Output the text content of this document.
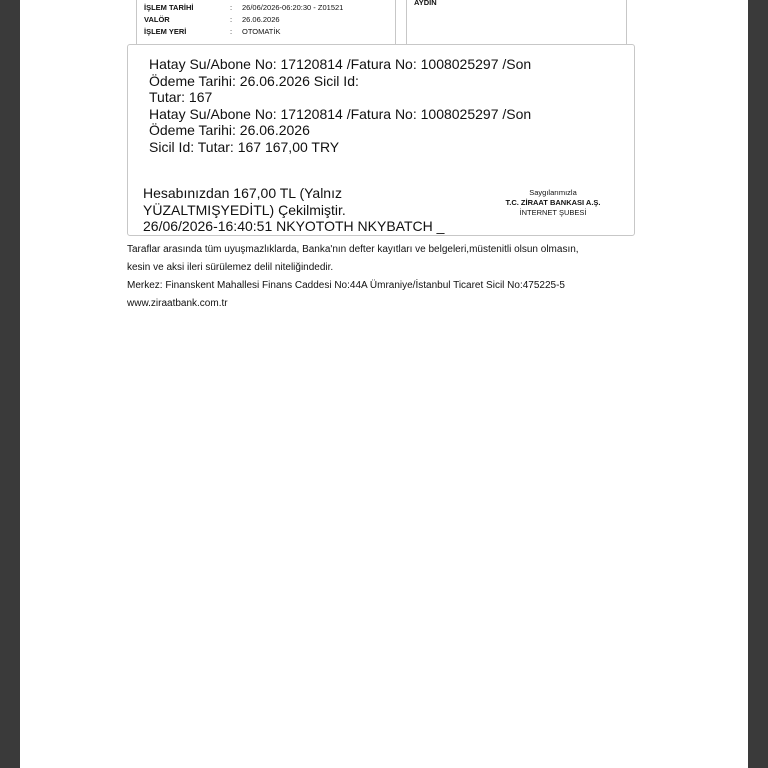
İŞLEM TARİHİ	: 26/06/2026-06:20:30 - Z01521
VALÖR	: 26.06.2026
İŞLEM YERİ	: OTOMATİK
AYDIN
Hatay Su/Abone No: 17120814 /Fatura No: 1008025297 /Son
Ödeme Tarihi: 26.06.2026 Sicil Id:
Tutar: 167
Hatay Su/Abone No: 17120814 /Fatura No: 1008025297 /Son
Ödeme Tarihi: 26.06.2026
Sicil Id: Tutar: 167 167,00 TRY
Hesabınızdan 167,00 TL (Yalnız
YÜZALTMIŞYEDİTL) Çekilmiştir.
26/06/2026-16:40:51 NKYOTOTH NKYBATCH _
Saygılarımızla
T.C. ZİRAAT BANKASI A.Ş.
İNTERNET ŞUBESİ
Taraflar arasında tüm uyuşmazlıklarda, Banka'nın defter kayıtları ve belgeleri,müstenitli olsun olmasın,
kesin ve aksi ileri sürülemez delil niteliğindedir.
Merkez: Finanskent Mahallesi Finans Caddesi No:44A Ümraniye/İstanbul Ticaret Sicil No:475225-5
www.ziraatbank.com.tr
